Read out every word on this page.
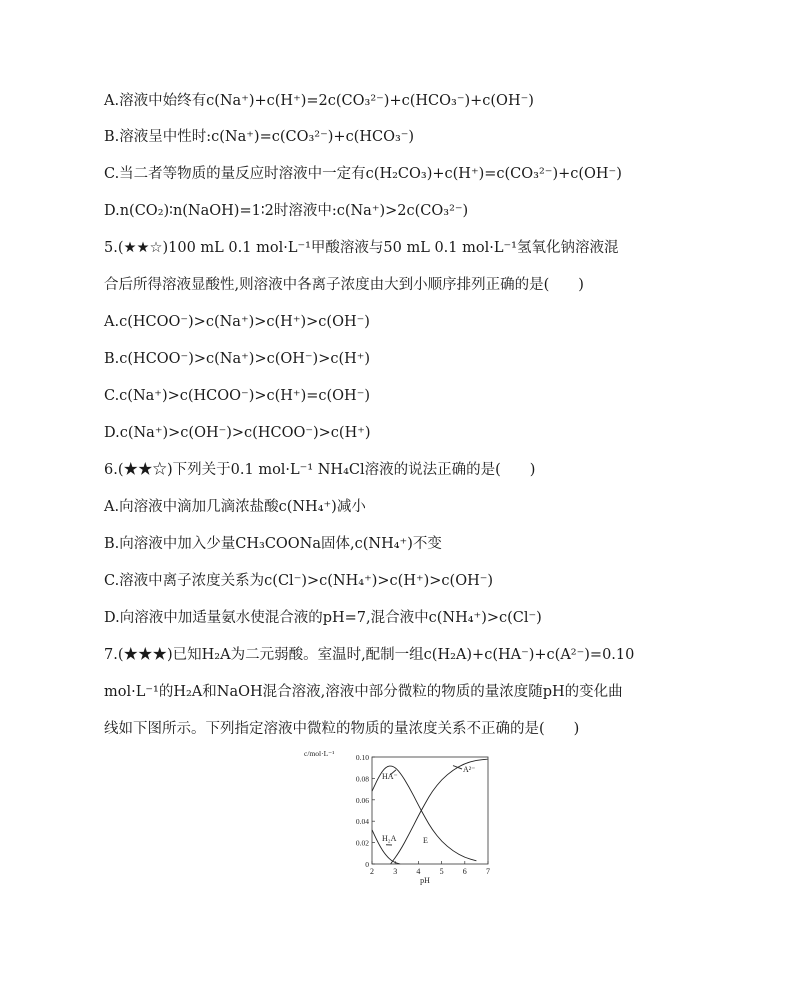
A.溶液中始终有c(Na⁺)+c(H⁺)=2c(CO₃²⁻)+c(HCO₃⁻)+c(OH⁻)
B.溶液呈中性时:c(Na⁺)=c(CO₃²⁻)+c(HCO₃⁻)
C.当二者等物质的量反应时溶液中一定有c(H₂CO₃)+c(H⁺)=c(CO₃²⁻)+c(OH⁻)
D.n(CO₂)∶n(NaOH)=1∶2时溶液中:c(Na⁺)>2c(CO₃²⁻)
5.(★★☆)100 mL 0.1 mol·L⁻¹甲酸溶液与50 mL 0.1 mol·L⁻¹氢氧化钠溶液混
合后所得溶液显酸性,则溶液中各离子浓度由大到小顺序排列正确的是(　　)
A.c(HCOO⁻)>c(Na⁺)>c(H⁺)>c(OH⁻)
B.c(HCOO⁻)>c(Na⁺)>c(OH⁻)>c(H⁺)
C.c(Na⁺)>c(HCOO⁻)>c(H⁺)=c(OH⁻)
D.c(Na⁺)>c(OH⁻)>c(HCOO⁻)>c(H⁺)
6.(★★☆)下列关于0.1 mol·L⁻¹ NH₄Cl溶液的说法正确的是(　　)
A.向溶液中滴加几滴浓盐酸c(NH₄⁺)减小
B.向溶液中加入少量CH₃COONa固体,c(NH₄⁺)不变
C.溶液中离子浓度关系为c(Cl⁻)>c(NH₄⁺)>c(H⁺)>c(OH⁻)
D.向溶液中加适量氨水使混合液的pH=7,混合液中c(NH₄⁺)>c(Cl⁻)
7.(★★★)已知H₂A为二元弱酸。室温时,配制一组c(H₂A)+c(HA⁻)+c(A²⁻)=0.10
mol·L⁻¹的H₂A和NaOH混合溶液,溶液中部分微粒的物质的量浓度随pH的变化曲
线如下图所示。下列指定溶液中微粒的物质的量浓度关系不正确的是(　　)
2 3 4 5 6 7
0
0.02
0.04
0.06
0.08
0.10
c/mol·L⁻¹
pH
HA⁻
A²⁻
E
H₂A
